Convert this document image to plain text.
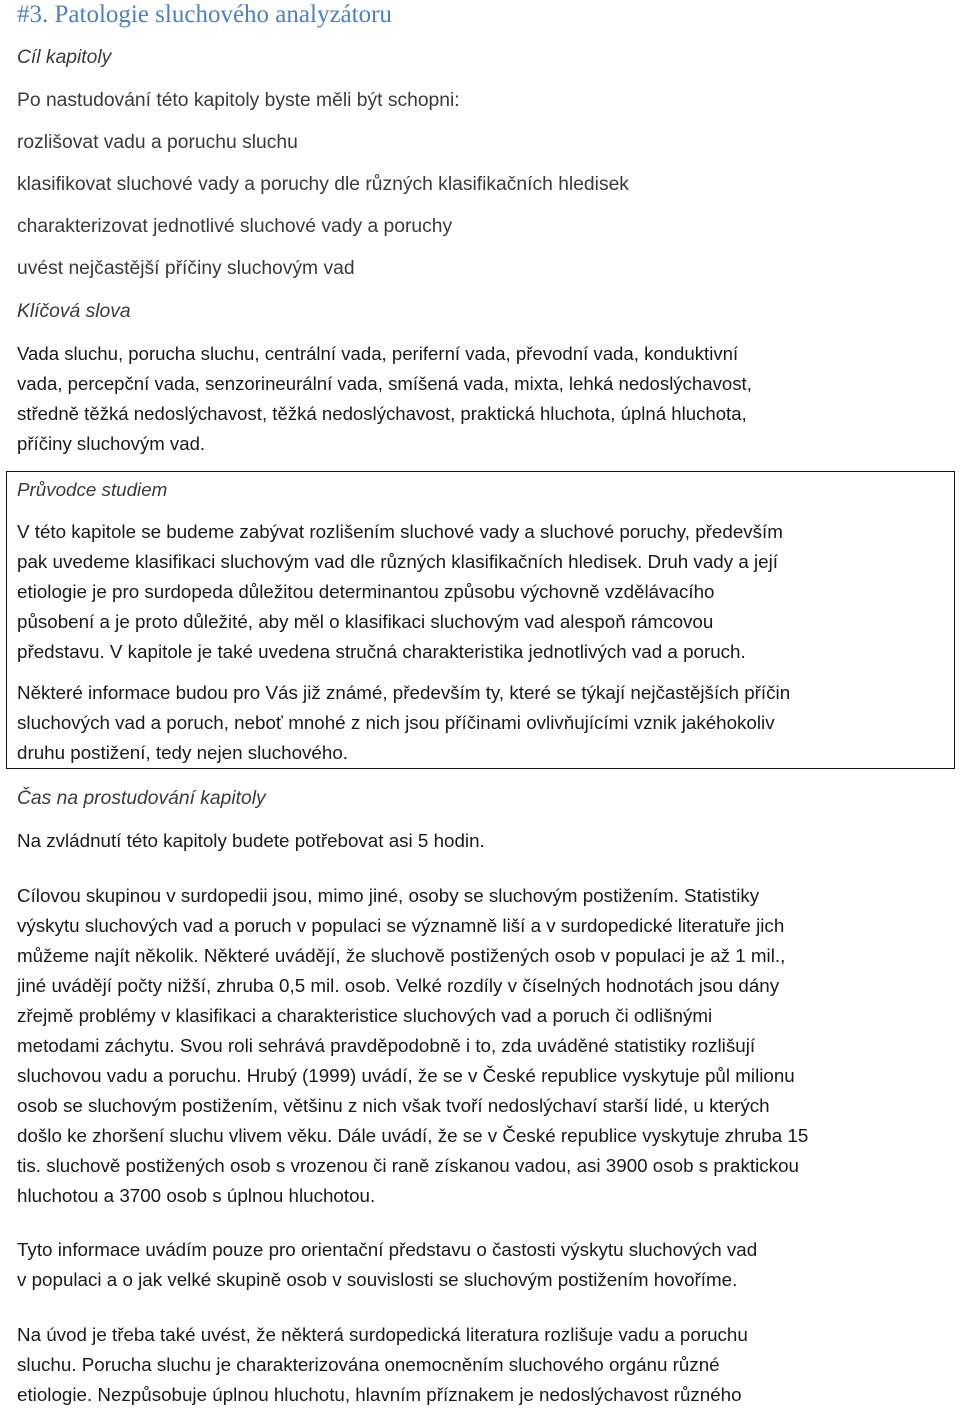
#3. Patologie sluchového analyzátoru
Cíl kapitoly
Po nastudování této kapitoly byste měli být schopni:
rozlišovat vadu a poruchu sluchu
klasifikovat sluchové vady a poruchy dle různých klasifikačních hledisek
charakterizovat jednotlivé sluchové vady a poruchy
uvést nejčastější příčiny sluchovým vad
Klíčová slova
Vada sluchu, porucha sluchu, centrální vada, periferní vada, převodní vada, konduktivní
vada, percepční vada, senzorineurální vada, smíšená vada, mixta, lehká nedoslýchavost,
středně těžká nedoslýchavost, těžká nedoslýchavost, praktická hluchota, úplná hluchota,
příčiny sluchovým vad.
Průvodce studiem
V této kapitole se budeme zabývat rozlišením sluchové vady a sluchové poruchy, především
pak uvedeme klasifikaci sluchovým vad dle různých klasifikačních hledisek. Druh vady a její
etiologie je pro surdopeda důležitou determinantou způsobu výchovně vzdělávacího
působení a je proto důležité, aby měl o klasifikaci sluchovým vad alespoň rámcovou
představu. V kapitole je také uvedena stručná charakteristika jednotlivých vad a poruch.
Některé informace budou pro Vás již známé, především ty, které se týkají nejčastějších příčin
sluchových vad a poruch, neboť mnohé z nich jsou příčinami ovlivňujícími vznik jakéhokoliv
druhu postižení, tedy nejen sluchového.
Čas na prostudování kapitoly
Na zvládnutí této kapitoly budete potřebovat asi 5 hodin.
Cílovou skupinou v surdopedii jsou, mimo jiné, osoby se sluchovým postižením. Statistiky
výskytu sluchových vad a poruch v populaci se významně liší a v surdopedické literatuře jich
můžeme najít několik. Některé uvádějí, že sluchově postižených osob v populaci je až 1 mil.,
jiné uvádějí počty nižší, zhruba 0,5 mil. osob. Velké rozdíly v číselných hodnotách jsou dány
zřejmě problémy v klasifikaci a charakteristice sluchových vad a poruch či odlišnými
metodami záchytu. Svou roli sehrává pravděpodobně i to, zda uváděné statistiky rozlišují
sluchovou vadu a poruchu. Hrubý (1999) uvádí, že se v České republice vyskytuje půl milionu
osob se sluchovým postižením, většinu z nich však tvoří nedoslýchaví starší lidé, u kterých
došlo ke zhoršení sluchu vlivem věku. Dále uvádí, že se v České republice vyskytuje zhruba 15
tis. sluchově postižených osob s vrozenou či raně získanou vadou, asi 3900 osob s praktickou
hluchotou a 3700 osob s úplnou hluchotou.
Tyto informace uvádím pouze pro orientační představu o častosti výskytu sluchových vad
v populaci a o jak velké skupině osob v souvislosti se sluchovým postižením hovoříme.
Na úvod je třeba také uvést, že některá surdopedická literatura rozlišuje vadu a poruchu
sluchu. Porucha sluchu je charakterizována onemocněním sluchového orgánu různé
etiologie. Nezpůsobuje úplnou hluchotu, hlavním příznakem je nedoslýchavost různého
